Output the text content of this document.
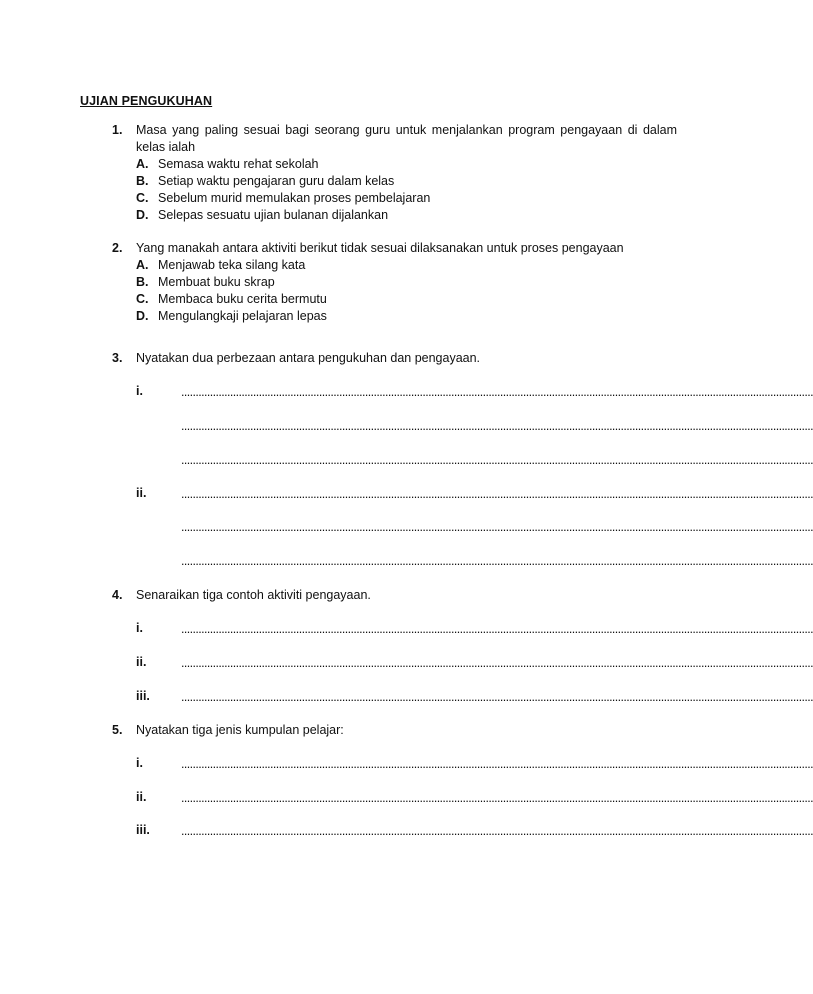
UJIAN PENGUKUHAN
1. Masa yang paling sesuai bagi seorang guru untuk menjalankan program pengayaan di dalam
kelas ialah
A. Semasa waktu rehat sekolah
B. Setiap waktu pengajaran guru dalam kelas
C. Sebelum murid memulakan proses pembelajaran
D. Selepas sesuatu ujian bulanan dijalankan
2. Yang manakah antara aktiviti berikut tidak sesuai dilaksanakan untuk proses pengayaan
A. Menjawab teka silang kata
B. Membuat buku skrap
C. Membaca buku cerita bermutu
D. Mengulangkaji pelajaran lepas
3. Nyatakan dua perbezaan antara pengukuhan dan pengayaan.
i.	............................................................................................................................................................................................................................
............................................................................................................................................................................................................................
............................................................................................................................................................................................................................
ii.	............................................................................................................................................................................................................................
............................................................................................................................................................................................................................
............................................................................................................................................................................................................................
4. Senaraikan tiga contoh aktiviti pengayaan.
i.	............................................................................................................................................................................................................................
ii.	............................................................................................................................................................................................................................
iii. ............................................................................................................................................................................................................................
5. Nyatakan tiga jenis kumpulan pelajar:
i.	............................................................................................................................................................................................................................
ii.	............................................................................................................................................................................................................................
iii. ............................................................................................................................................................................................................................
